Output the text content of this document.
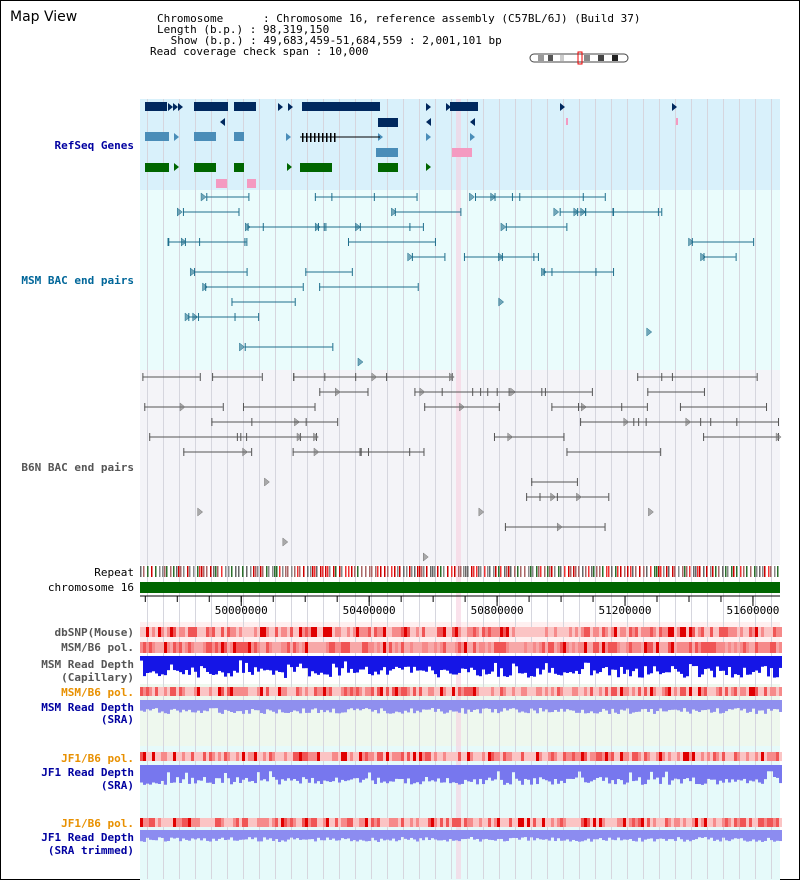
50000000	50400000	50800000	51200000	51600000
Map View	Chromosome      : Chromosome 16, reference assembly (C57BL/6J) (Build 37)
Length (b.p.) : 98,319,150
Show (b.p.) : 49,683,459-51,684,559 : 2,001,101 bp
Read coverage check span : 10,000
RefSeq Genes
MSM BAC end pairs
B6N BAC end pairs
Repeat
chromosome 16
dbSNP(Mouse)
MSM/B6 pol.
MSM Read Depth
(Capillary)
MSM/B6 pol.
MSM Read Depth
(SRA)
JF1/B6 pol.
JF1 Read Depth
(SRA)
JF1/B6 pol.
JF1 Read Depth
(SRA trimmed)
